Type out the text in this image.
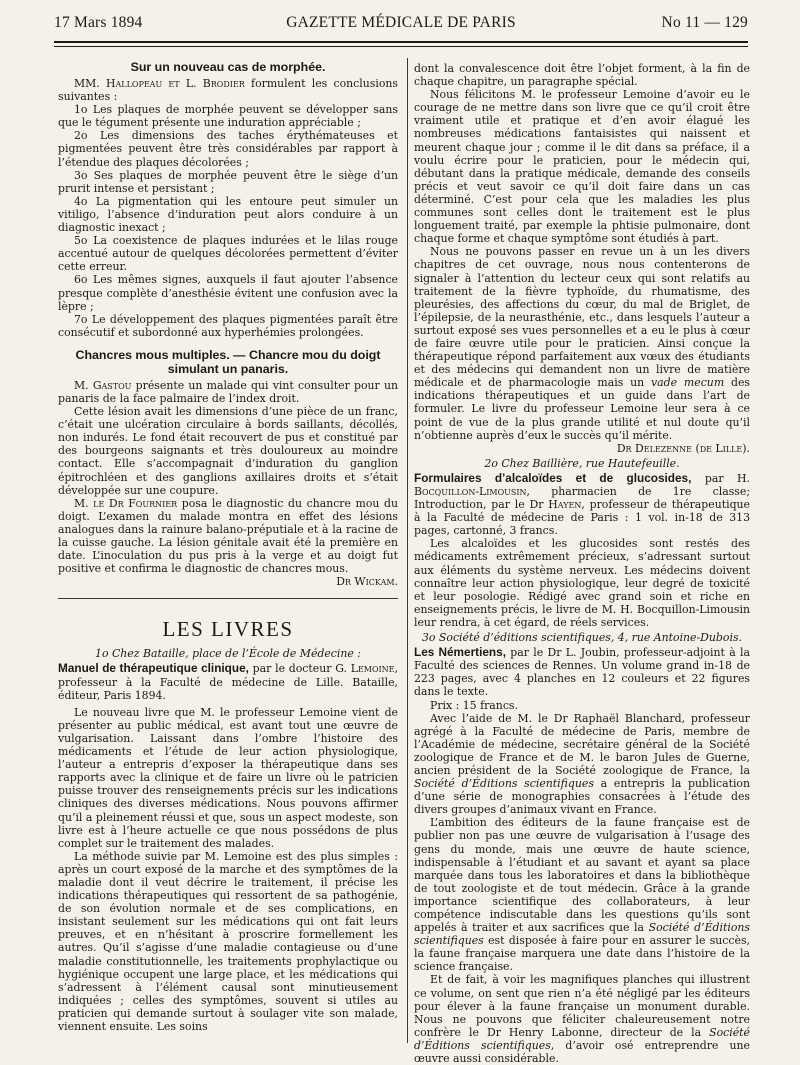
17 Mars 1894	GAZETTE MÉDICALE DE PARIS	No 11 — 129
Sur un nouveau cas de morphée.

MM. Hallopeau et L. Brodier formulent les conclusions suivantes :

1o Les plaques de morphée peuvent se développer sans que le tégument présente une induration appréciable ;

2o Les dimensions des taches érythémateuses et pigmentées peuvent être très considérables par rapport à l’étendue des plaques décolorées ;

3o Ses plaques de morphée peuvent être le siège d’un prurit intense et persistant ;

4o La pigmentation qui les entoure peut simuler un vitiligo, l’absence d’induration peut alors conduire à un diagnostic inexact ;

5o La coexistence de plaques indurées et le lilas rouge accentué autour de quelques décolorées permettent d’éviter cette erreur.

6o Les mêmes signes, auxquels il faut ajouter l’absence presque complète d’anesthésie évitent une confusion avec la lèpre ;

7o Le développement des plaques pigmentées paraît être consécutif et subordonné aux hyperhémies prolongées.

Chancres mous multiples. — Chancre mou du doigt simulant un panaris.

M. Gastou présente un malade qui vint consulter pour un panaris de la face palmaire de l’index droit.

Cette lésion avait les dimensions d’une pièce de un franc, c’était une ulcération circulaire à bords saillants, décollés, non indurés. Le fond était recouvert de pus et constitué par des bourgeons saignants et très douloureux au moindre contact. Elle s’accompagnait d’induration du ganglion épitrochléen et des ganglions axillaires droits et s’était développée sur une coupure.

M. le Dr Fournier posa le diagnostic du chancre mou du doigt. L’examen du malade montra en effet des lésions analogues dans la rainure balano-préputiale et à la racine de la cuisse gauche. La lésion génitale avait été la première en date. L’inoculation du pus pris à la verge et au doigt fut positive et confirma le diagnostic de chancres mous.

Dr Wickam.

LES LIVRES

1o Chez Bataille, place de l’École de Médecine :

Manuel de thérapeutique clinique, par le docteur G. Lemoine, professeur à la Faculté de médecine de Lille. Bataille, éditeur, Paris 1894.

Le nouveau livre que M. le professeur Lemoine vient de présenter au public médical, est avant tout une œuvre de vulgarisation. Laissant dans l’ombre l’histoire des médicaments et l’étude de leur action physiologique, l’auteur a entrepris d’exposer la thérapeutique dans ses rapports avec la clinique et de faire un livre où le patricien puisse trouver des renseignements précis sur les indications cliniques des diverses médications. Nous pouvons affirmer qu’il a pleinement réussi et que, sous un aspect modeste, son livre est à l’heure actuelle ce que nous possédons de plus complet sur le traitement des malades.

La méthode suivie par M. Lemoine est des plus simples : après un court exposé de la marche et des symptômes de la maladie dont il veut décrire le traitement, il précise les indications thérapeutiques qui ressortent de sa pathogénie, de son évolution normale et de ses complications, en insistant seulement sur les médications qui ont fait leurs preuves, et en n’hésitant à proscrire formellement les autres. Qu’il s’agisse d’une maladie contagieuse ou d’une maladie constitutionnelle, les traitements prophylactique ou hygiénique occupent une large place, et les médications qui s’adressent à l’élément causal sont minutieusement indiquées ; celles des symptômes, souvent si utiles au praticien qui demande surtout à soulager vite son malade, viennent ensuite. Les soins

dont la convalescence doit être l’objet forment, à la fin de chaque chapitre, un paragraphe spécial.

Nous félicitons M. le professeur Lemoine d’avoir eu le courage de ne mettre dans son livre que ce qu’il croit être vraiment utile et pratique et d’en avoir élagué les nombreuses médications fantaisistes qui naissent et meurent chaque jour ; comme il le dit dans sa préface, il a voulu écrire pour le praticien, pour le médecin qui, débutant dans la pratique médicale, demande des conseils précis et veut savoir ce qu’il doit faire dans un cas déterminé. C’est pour cela que les maladies les plus communes sont celles dont le traitement est le plus longuement traité, par exemple la phtisie pulmonaire, dont chaque forme et chaque symptôme sont étudiés à part.

Nous ne pouvons passer en revue un à un les divers chapitres de cet ouvrage, nous nous contenterons de signaler à l’attention du lecteur ceux qui sont relatifs au traitement de la fièvre typhoïde, du rhumatisme, des pleurésies, des affections du cœur, du mal de Briglet, de l’épilepsie, de la neurasthénie, etc., dans lesquels l’auteur a surtout exposé ses vues personnelles et a eu le plus à cœur de faire œuvre utile pour le praticien. Ainsi conçue la thérapeutique répond parfaitement aux vœux des étudiants et des médecins qui demandent non un livre de matière médicale et de pharmacologie mais un vade mecum des indications thérapeutiques et un guide dans l’art de formuler. Le livre du professeur Lemoine leur sera à ce point de vue de la plus grande utilité et nul doute qu’il n’obtienne auprès d’eux le succès qu’il mérite.

Dr Delezenne (de Lille).

2o Chez Baillière, rue Hautefeuille.

Formulaires d’alcaloïdes et de glucosides, par H. Bocquillon-Limousin, pharmacien de 1re classe; Introduction, par le Dr Hayen, professeur de thérapeutique à la Faculté de médecine de Paris : 1 vol. in-18 de 313 pages, cartonné, 3 francs.

Les alcaloïdes et les glucosides sont restés des médicaments extrêmement précieux, s’adressant surtout aux éléments du système nerveux. Les médecins doivent connaître leur action physiologique, leur degré de toxicité et leur posologie. Rédigé avec grand soin et riche en enseignements précis, le livre de M. H. Bocquillon-Limousin leur rendra, à cet égard, de réels services.

3o Société d’éditions scientifiques, 4, rue Antoine-Dubois.

Les Némertiens, par le Dr L. Joubin, professeur-adjoint à la Faculté des sciences de Rennes. Un volume grand in-18 de 223 pages, avec 4 planches en 12 couleurs et 22 figures dans le texte.

Prix : 15 francs.

Avec l’aide de M. le Dr Raphaël Blanchard, professeur agrégé à la Faculté de médecine de Paris, membre de l’Académie de médecine, secrétaire général de la Société zoologique de France et de M. le baron Jules de Guerne, ancien président de la Société zoologique de France, la Société d’Éditions scientifiques a entrepris la publication d’une série de monographies consacrées à l’étude des divers groupes d’animaux vivant en France.

L’ambition des éditeurs de la faune française est de publier non pas une œuvre de vulgarisation à l’usage des gens du monde, mais une œuvre de haute science, indispensable à l’étudiant et au savant et ayant sa place marquée dans tous les laboratoires et dans la bibliothèque de tout zoologiste et de tout médecin. Grâce à la grande importance scientifique des collaborateurs, à leur compétence indiscutable dans les questions qu’ils sont appelés à traiter et aux sacrifices que la Société d’Éditions scientifiques est disposée à faire pour en assurer le succès, la faune française marquera une date dans l’histoire de la science française.

Et de fait, à voir les magnifiques planches qui illustrent ce volume, on sent que rien n’a été négligé par les éditeurs pour élever à la faune française un monument durable. Nous ne pouvons que féliciter chaleureusement notre confrère le Dr Henry Labonne, directeur de la Société d’Éditions scientifiques, d’avoir osé entreprendre une œuvre aussi considérable.
